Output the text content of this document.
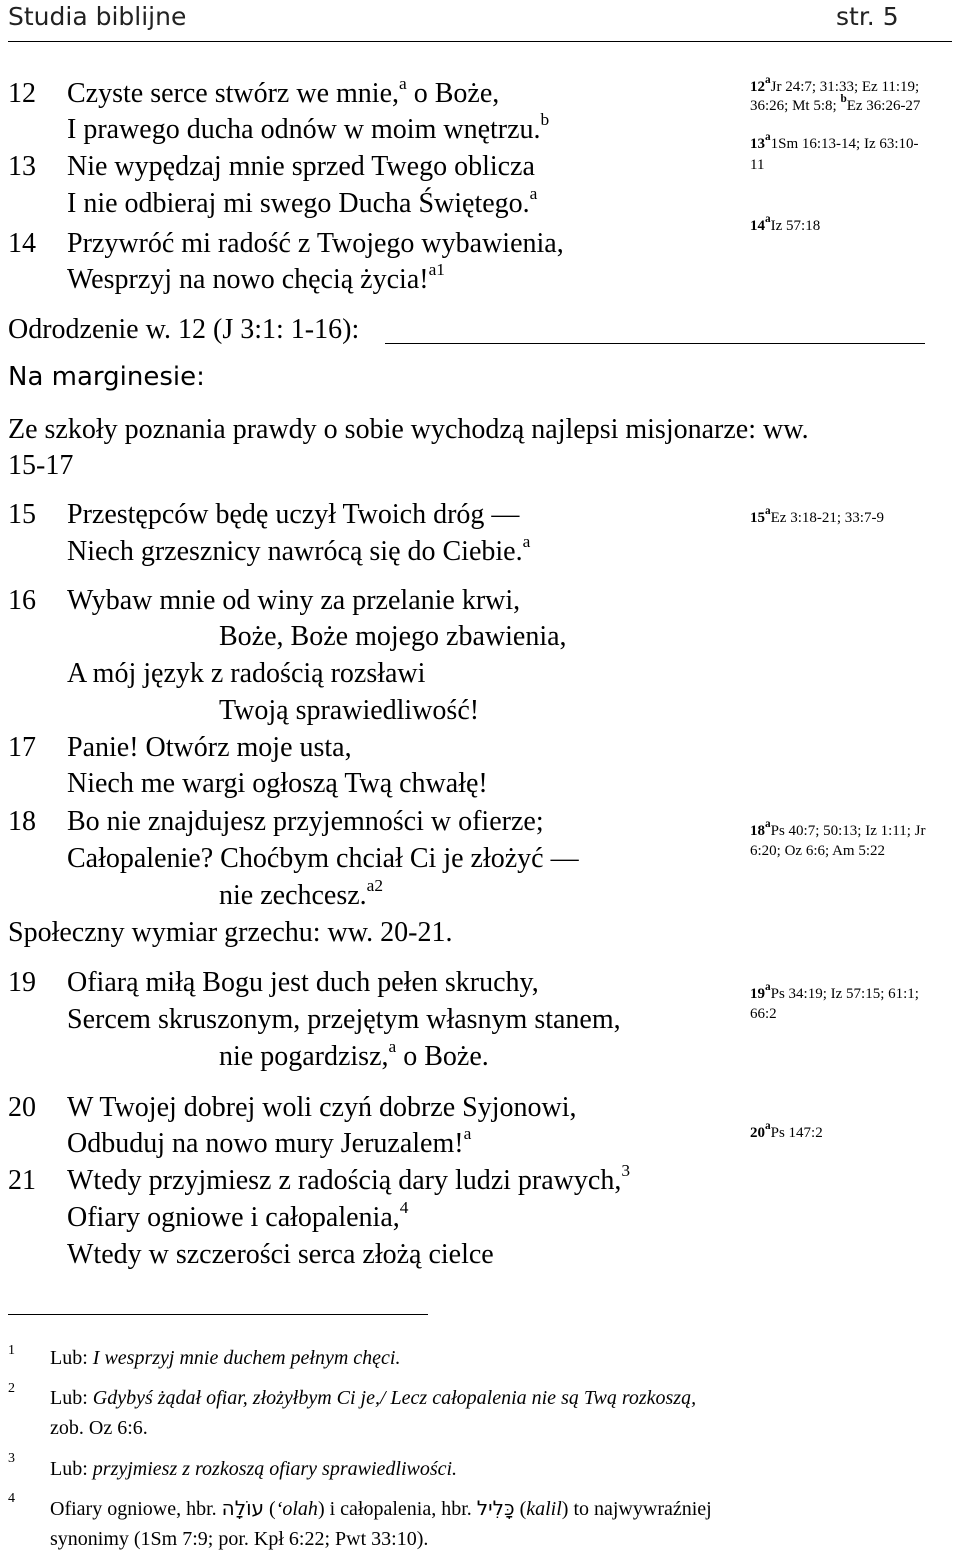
Studia biblijne	str. 5
12 Czyste serce stwórz we mnie,$^a$ o Boże,
I prawego ducha odnów w moim wnętrzu.$^b$
13 Nie wypędzaj mnie sprzed Twego oblicza
I nie odbieraj mi swego Ducha Świętego.$^a$
14 Przywróć mi radość z Twojego wybawienia,
Wesprzyj na nowo chęcią życia!$^{a1}$
12$^a$Jr 24:7; 31:33; Ez 11:19;
36:26; Mt 5:8; $^b$Ez 36:26-27
13$^a$1Sm 16:13-14; Iz 63:10-
11
14$^a$Iz 57:18
Odrodzenie w. 12 (J 3:1: 1-16):
Na marginesie:
Ze szkoły poznania prawdy o sobie wychodzą najlepsi misjonarze: ww.
15-17
15 Przestępców będę uczył Twoich dróg —
Niech grzesznicy nawrócą się do Ciebie.$^a$
15$^a$Ez 3:18-21; 33:7-9
16 Wybaw mnie od winy za przelanie krwi,
Boże, Boże mojego zbawienia,
A mój język z radością rozsławi
Twoją sprawiedliwość!
17 Panie! Otwórz moje usta,
Niech me wargi ogłoszą Twą chwałę!
18 Bo nie znajdujesz przyjemności w ofierze;
Całopalenie? Choćbym chciał Ci je złożyć —
nie zechcesz.$^{a2}$
18$^a$Ps 40:7; 50:13; Iz 1:11; Jr
6:20; Oz 6:6; Am 5:22
Społeczny wymiar grzechu: ww. 20-21.
19 Ofiarą miłą Bogu jest duch pełen skruchy,
Sercem skruszonym, przejętym własnym stanem,
nie pogardzisz,$^a$ o Boże.
19$^a$Ps 34:19; Iz 57:15; 61:1;
66:2
20 W Twojej dobrej woli czyń dobrze Syjonowi,
Odbuduj na nowo mury Jeruzalem!$^a$	20$^a$Ps 147:2
21 Wtedy przyjmiesz z radością dary ludzi prawych,$^3$
Ofiary ogniowe i całopalenia,$^4$
Wtedy w szczerości serca złożą cielce
1 Lub: I wesprzyj mnie duchem pełnym chęci.
2 Lub: Gdybyś żądał ofiar, złożyłbym Ci je,/ Lecz całopalenia nie są Twą rozkoszą,
zob. Oz 6:6.
3 Lub: przyjmiesz z rozkoszą ofiary sprawiedliwości.
4 Ofiary ogniowe, hbr. עוֹלָה (‘olah) i całopalenia, hbr. כָּלִיל (kalil) to najwywraźniej
synonimy (1Sm 7:9; por. Kpł 6:22; Pwt 33:10).
